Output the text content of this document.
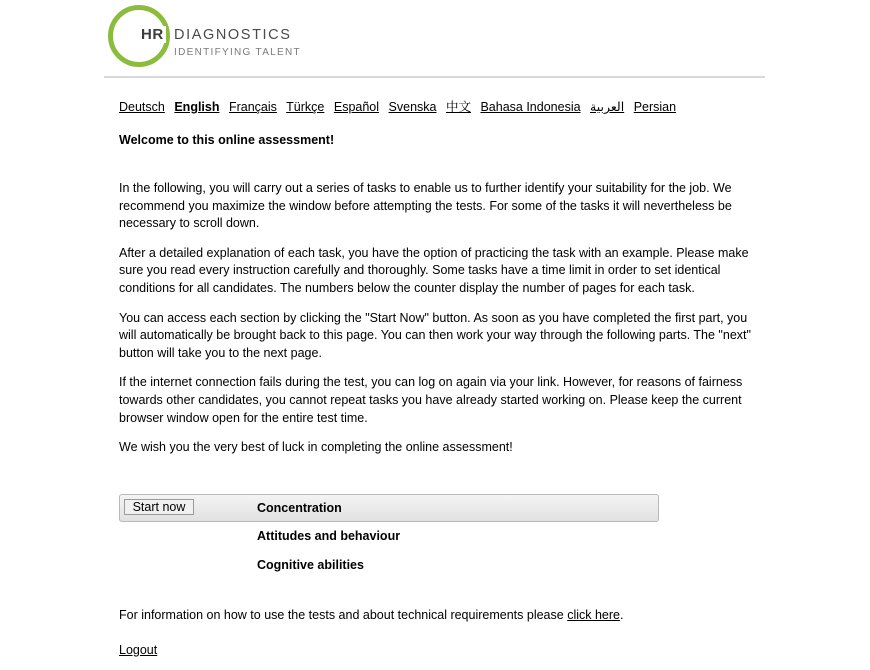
HR DIAGNOSTICS
IDENTIFYING TALENT
Deutsch English Français Türkçe Español Svenska 中文 Bahasa Indonesia العربية Persian
Welcome to this online assessment!

In the following, you will carry out a series of tasks to enable us to further identify your suitability for the job. We recommend you maximize the window before attempting the tests. For some of the tasks it will nevertheless be necessary to scroll down.

After a detailed explanation of each task, you have the option of practicing the task with an example. Please make sure you read every instruction carefully and thoroughly. Some tasks have a time limit in order to set identical conditions for all candidates. The numbers below the counter display the number of pages for each task.

You can access each section by clicking the "Start Now" button. As soon as you have completed the first part, you will automatically be brought back to this page. You can then work your way through the following parts. The "next" button will take you to the next page.

If the internet connection fails during the test, you can log on again via your link. However, for reasons of fairness towards other candidates, you cannot repeat tasks you have already started working on. Please keep the current browser window open for the entire test time.

We wish you the very best of luck in completing the online assessment!

Start now	Concentration
Attitudes and behaviour
Cognitive abilities
For information on how to use the tests and about technical requirements please click here.
Logout
